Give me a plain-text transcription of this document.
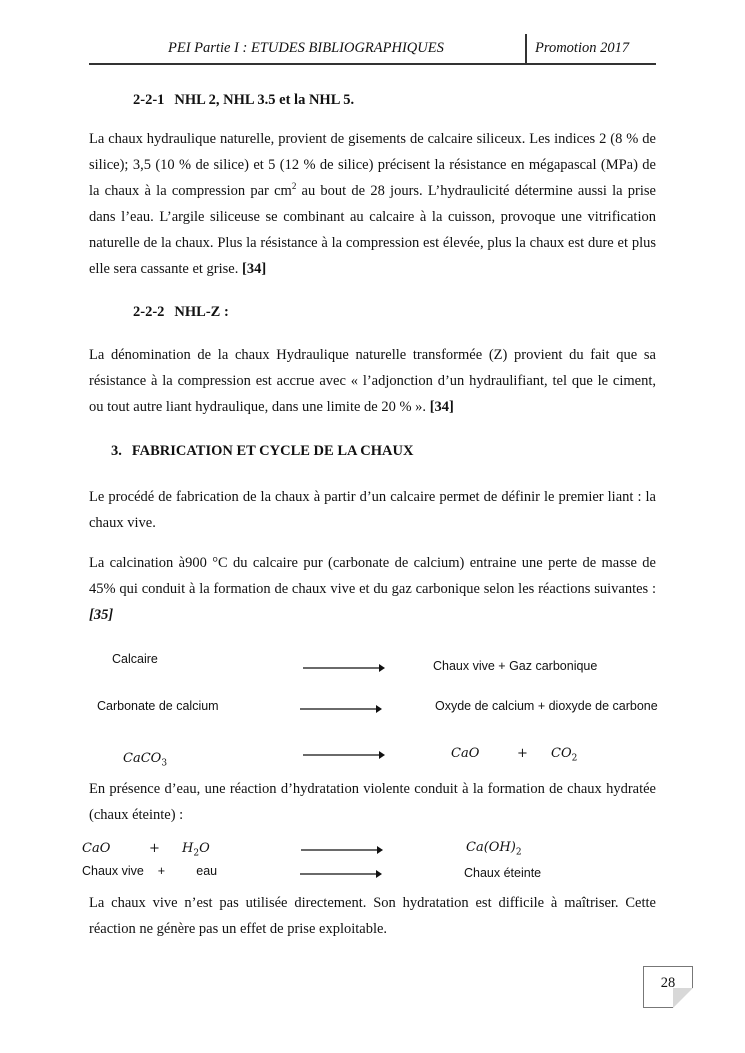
PEI Partie I : ETUDES BIBLIOGRAPHIQUES	Promotion 2017
2-2-1 NHL 2, NHL 3.5 et la NHL 5.

La chaux hydraulique naturelle, provient de gisements de calcaire siliceux. Les indices 2 (8 % de silice); 3,5 (10 % de silice) et 5 (12 % de silice) précisent la résistance en mégapascal (MPa) de la chaux à la compression par $cm^2$ au bout de 28 jours. L’hydraulicité détermine aussi la prise dans l’eau. L’argile siliceuse se combinant au calcaire à la cuisson, provoque une vitrification naturelle de la chaux. Plus la résistance à la compression est élevée, plus la chaux est dure et plus elle sera cassante et grise. [34]

2-2-2 NHL-Z :

La dénomination de la chaux Hydraulique naturelle transformée (Z) provient du fait que sa résistance à la compression est accrue avec « l’adjonction d’un hydraulifiant, tel que le ciment, ou tout autre liant hydraulique, dans une limite de 20 % ». [34]

3. FABRICATION ET CYCLE DE LA CHAUX

Le procédé de fabrication de la chaux à partir d’un calcaire permet de définir le premier liant : la chaux vive.

La calcination à900 °C du calcaire pur (carbonate de calcium) entraine une perte de masse de 45% qui conduit à la formation de chaux vive et du gaz carbonique selon les réactions suivantes : [35]

Calcaire	Chaux vive + Gaz carbonique
Carbonate de calcium	Oxyde de calcium + dioxyde de carbone
CaCO$_3$
CaO	+ $CO_2$

En présence d’eau, une réaction d’hydratation violente conduit à la formation de chaux hydratée (chaux éteinte) :

CaO	+ $H_2O$	$Ca(OH)_2$
Chaux vive    +         eau	Chaux éteinte

La chaux vive n’est pas utilisée directement. Son hydratation est difficile à maîtriser. Cette réaction ne génère pas un effet de prise exploitable.

28
